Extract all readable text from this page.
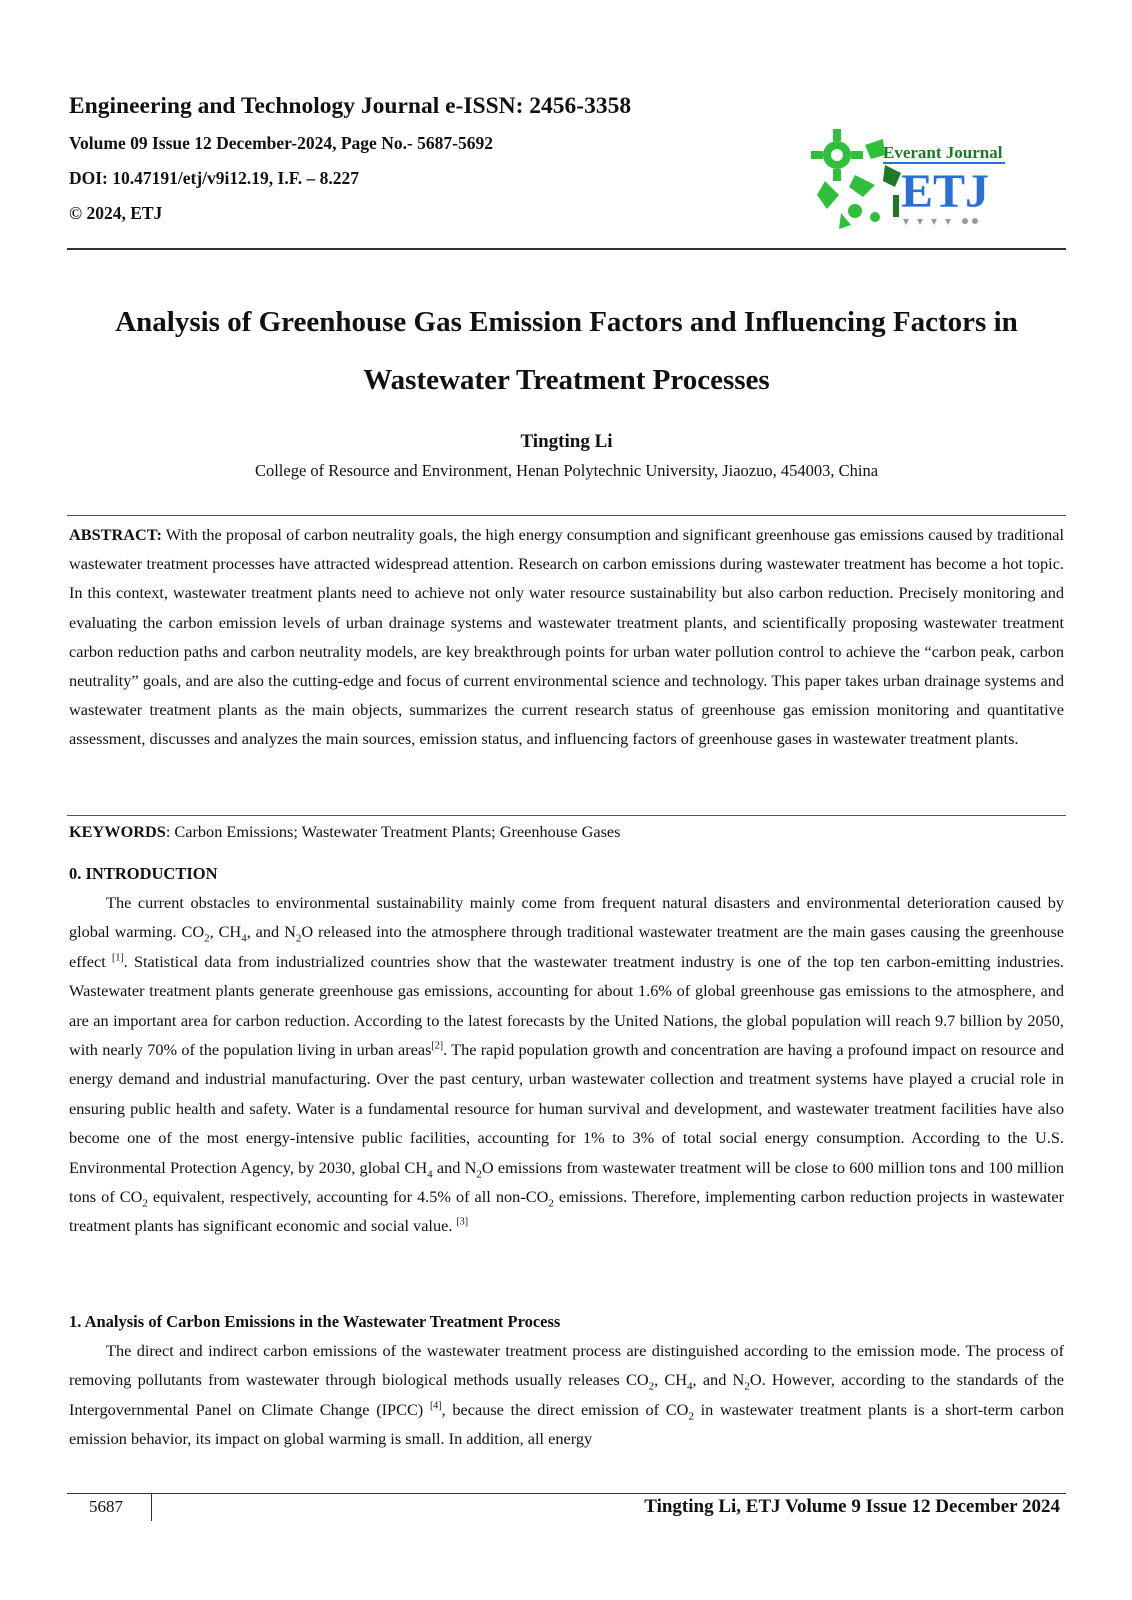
Engineering and Technology Journal e-ISSN: 2456-3358
Volume 09 Issue 12 December-2024, Page No.- 5687-5692
DOI: 10.47191/etj/v9i12.19, I.F. – 8.227
© 2024, ETJ
Everant Journal
ETJ
Analysis of Greenhouse Gas Emission Factors and Influencing Factors in
Wastewater Treatment Processes
Tingting Li
College of Resource and Environment, Henan Polytechnic University, Jiaozuo, 454003, China
ABSTRACT: With the proposal of carbon neutrality goals, the high energy consumption and significant greenhouse gas emissions caused by traditional wastewater treatment processes have attracted widespread attention. Research on carbon emissions during wastewater treatment has become a hot topic. In this context, wastewater treatment plants need to achieve not only water resource sustainability but also carbon reduction. Precisely monitoring and evaluating the carbon emission levels of urban drainage systems and wastewater treatment plants, and scientifically proposing wastewater treatment carbon reduction paths and carbon neutrality models, are key breakthrough points for urban water pollution control to achieve the “carbon peak, carbon neutrality” goals, and are also the cutting-edge and focus of current environmental science and technology. This paper takes urban drainage systems and wastewater treatment plants as the main objects, summarizes the current research status of greenhouse gas emission monitoring and quantitative assessment, discusses and analyzes the main sources, emission status, and influencing factors of greenhouse gases in wastewater treatment plants.
KEYWORDS: Carbon Emissions; Wastewater Treatment Plants; Greenhouse Gases
0. INTRODUCTION
The current obstacles to environmental sustainability mainly come from frequent natural disasters and environmental deterioration caused by global warming. $CO_2$, $CH_4$, and $N_2O$ released into the atmosphere through traditional wastewater treatment are the main gases causing the greenhouse effect [1]. Statistical data from industrialized countries show that the wastewater treatment industry is one of the top ten carbon-emitting industries. Wastewater treatment plants generate greenhouse gas emissions, accounting for about 1.6% of global greenhouse gas emissions to the atmosphere, and are an important area for carbon reduction. According to the latest forecasts by the United Nations, the global population will reach 9.7 billion by 2050, with nearly 70% of the population living in urban areas[2]. The rapid population growth and concentration are having a profound impact on resource and energy demand and industrial manufacturing. Over the past century, urban wastewater collection and treatment systems have played a crucial role in ensuring public health and safety. Water is a fundamental resource for human survival and development, and wastewater treatment facilities have also become one of the most energy-intensive public facilities, accounting for 1% to 3% of total social energy consumption. According to the U.S. Environmental Protection Agency, by 2030, global $CH_4$ and $N_2O$ emissions from wastewater treatment will be close to 600 million tons and 100 million tons of $CO_2$ equivalent, respectively, accounting for 4.5% of all non-$CO_2$ emissions. Therefore, implementing carbon reduction projects in wastewater treatment plants has significant economic and social value. [3]
1. Analysis of Carbon Emissions in the Wastewater Treatment Process
The direct and indirect carbon emissions of the wastewater treatment process are distinguished according to the emission mode. The process of removing pollutants from wastewater through biological methods usually releases $CO_2$, $CH_4$, and $N_2O$. However, according to the standards of the Intergovernmental Panel on Climate Change (IPCC) [4], because the direct emission of $CO_2$ in wastewater treatment plants is a short-term carbon emission behavior, its impact on global warming is small. In addition, all energy
5687	Tingting Li, ETJ Volume 9 Issue 12 December 2024
